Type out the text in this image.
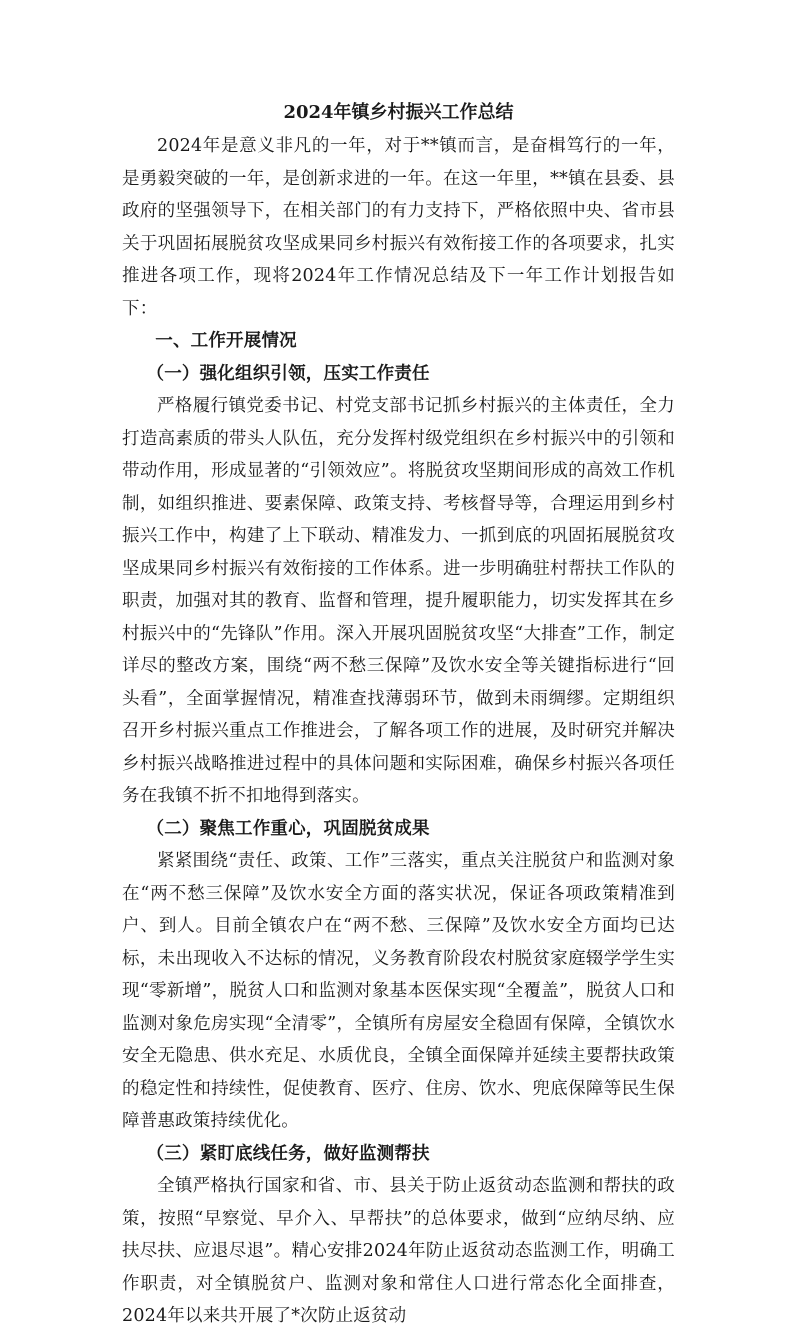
2024年镇乡村振兴工作总结

2024年是意义非凡的一年，对于**镇而言，是奋楫笃行的一年，是勇毅突破的一年，是创新求进的一年。在这一年里，**镇在县委、县政府的坚强领导下，在相关部门的有力支持下，严格依照中央、省市县关于巩固拓展脱贫攻坚成果同乡村振兴有效衔接工作的各项要求，扎实推进各项工作，现将2024年工作情况总结及下一年工作计划报告如下：

一、工作开展情况

（一）强化组织引领，压实工作责任

严格履行镇党委书记、村党支部书记抓乡村振兴的主体责任，全力打造高素质的带头人队伍，充分发挥村级党组织在乡村振兴中的引领和带动作用，形成显著的“引领效应”。将脱贫攻坚期间形成的高效工作机制，如组织推进、要素保障、政策支持、考核督导等，合理运用到乡村振兴工作中，构建了上下联动、精准发力、一抓到底的巩固拓展脱贫攻坚成果同乡村振兴有效衔接的工作体系。进一步明确驻村帮扶工作队的职责，加强对其的教育、监督和管理，提升履职能力，切实发挥其在乡村振兴中的“先锋队”作用。深入开展巩固脱贫攻坚“大排查”工作，制定详尽的整改方案，围绕“两不愁三保障”及饮水安全等关键指标进行“回头看”，全面掌握情况，精准查找薄弱环节，做到未雨绸缪。定期组织召开乡村振兴重点工作推进会，了解各项工作的进展，及时研究并解决乡村振兴战略推进过程中的具体问题和实际困难，确保乡村振兴各项任务在我镇不折不扣地得到落实。

（二）聚焦工作重心，巩固脱贫成果

紧紧围绕“责任、政策、工作”三落实，重点关注脱贫户和监测对象在“两不愁三保障”及饮水安全方面的落实状况，保证各项政策精准到户、到人。目前全镇农户在“两不愁、三保障”及饮水安全方面均已达标，未出现收入不达标的情况，义务教育阶段农村脱贫家庭辍学学生实现“零新增”，脱贫人口和监测对象基本医保实现“全覆盖”，脱贫人口和监测对象危房实现“全清零”，全镇所有房屋安全稳固有保障，全镇饮水安全无隐患、供水充足、水质优良，全镇全面保障并延续主要帮扶政策的稳定性和持续性，促使教育、医疗、住房、饮水、兜底保障等民生保障普惠政策持续优化。

（三）紧盯底线任务，做好监测帮扶

全镇严格执行国家和省、市、县关于防止返贫动态监测和帮扶的政策，按照“早察觉、早介入、早帮扶”的总体要求，做到“应纳尽纳、应扶尽扶、应退尽退”。精心安排2024年防止返贫动态监测工作，明确工作职责，对全镇脱贫户、监测对象和常住人口进行常态化全面排查，2024年以来共开展了*次防止返贫动
